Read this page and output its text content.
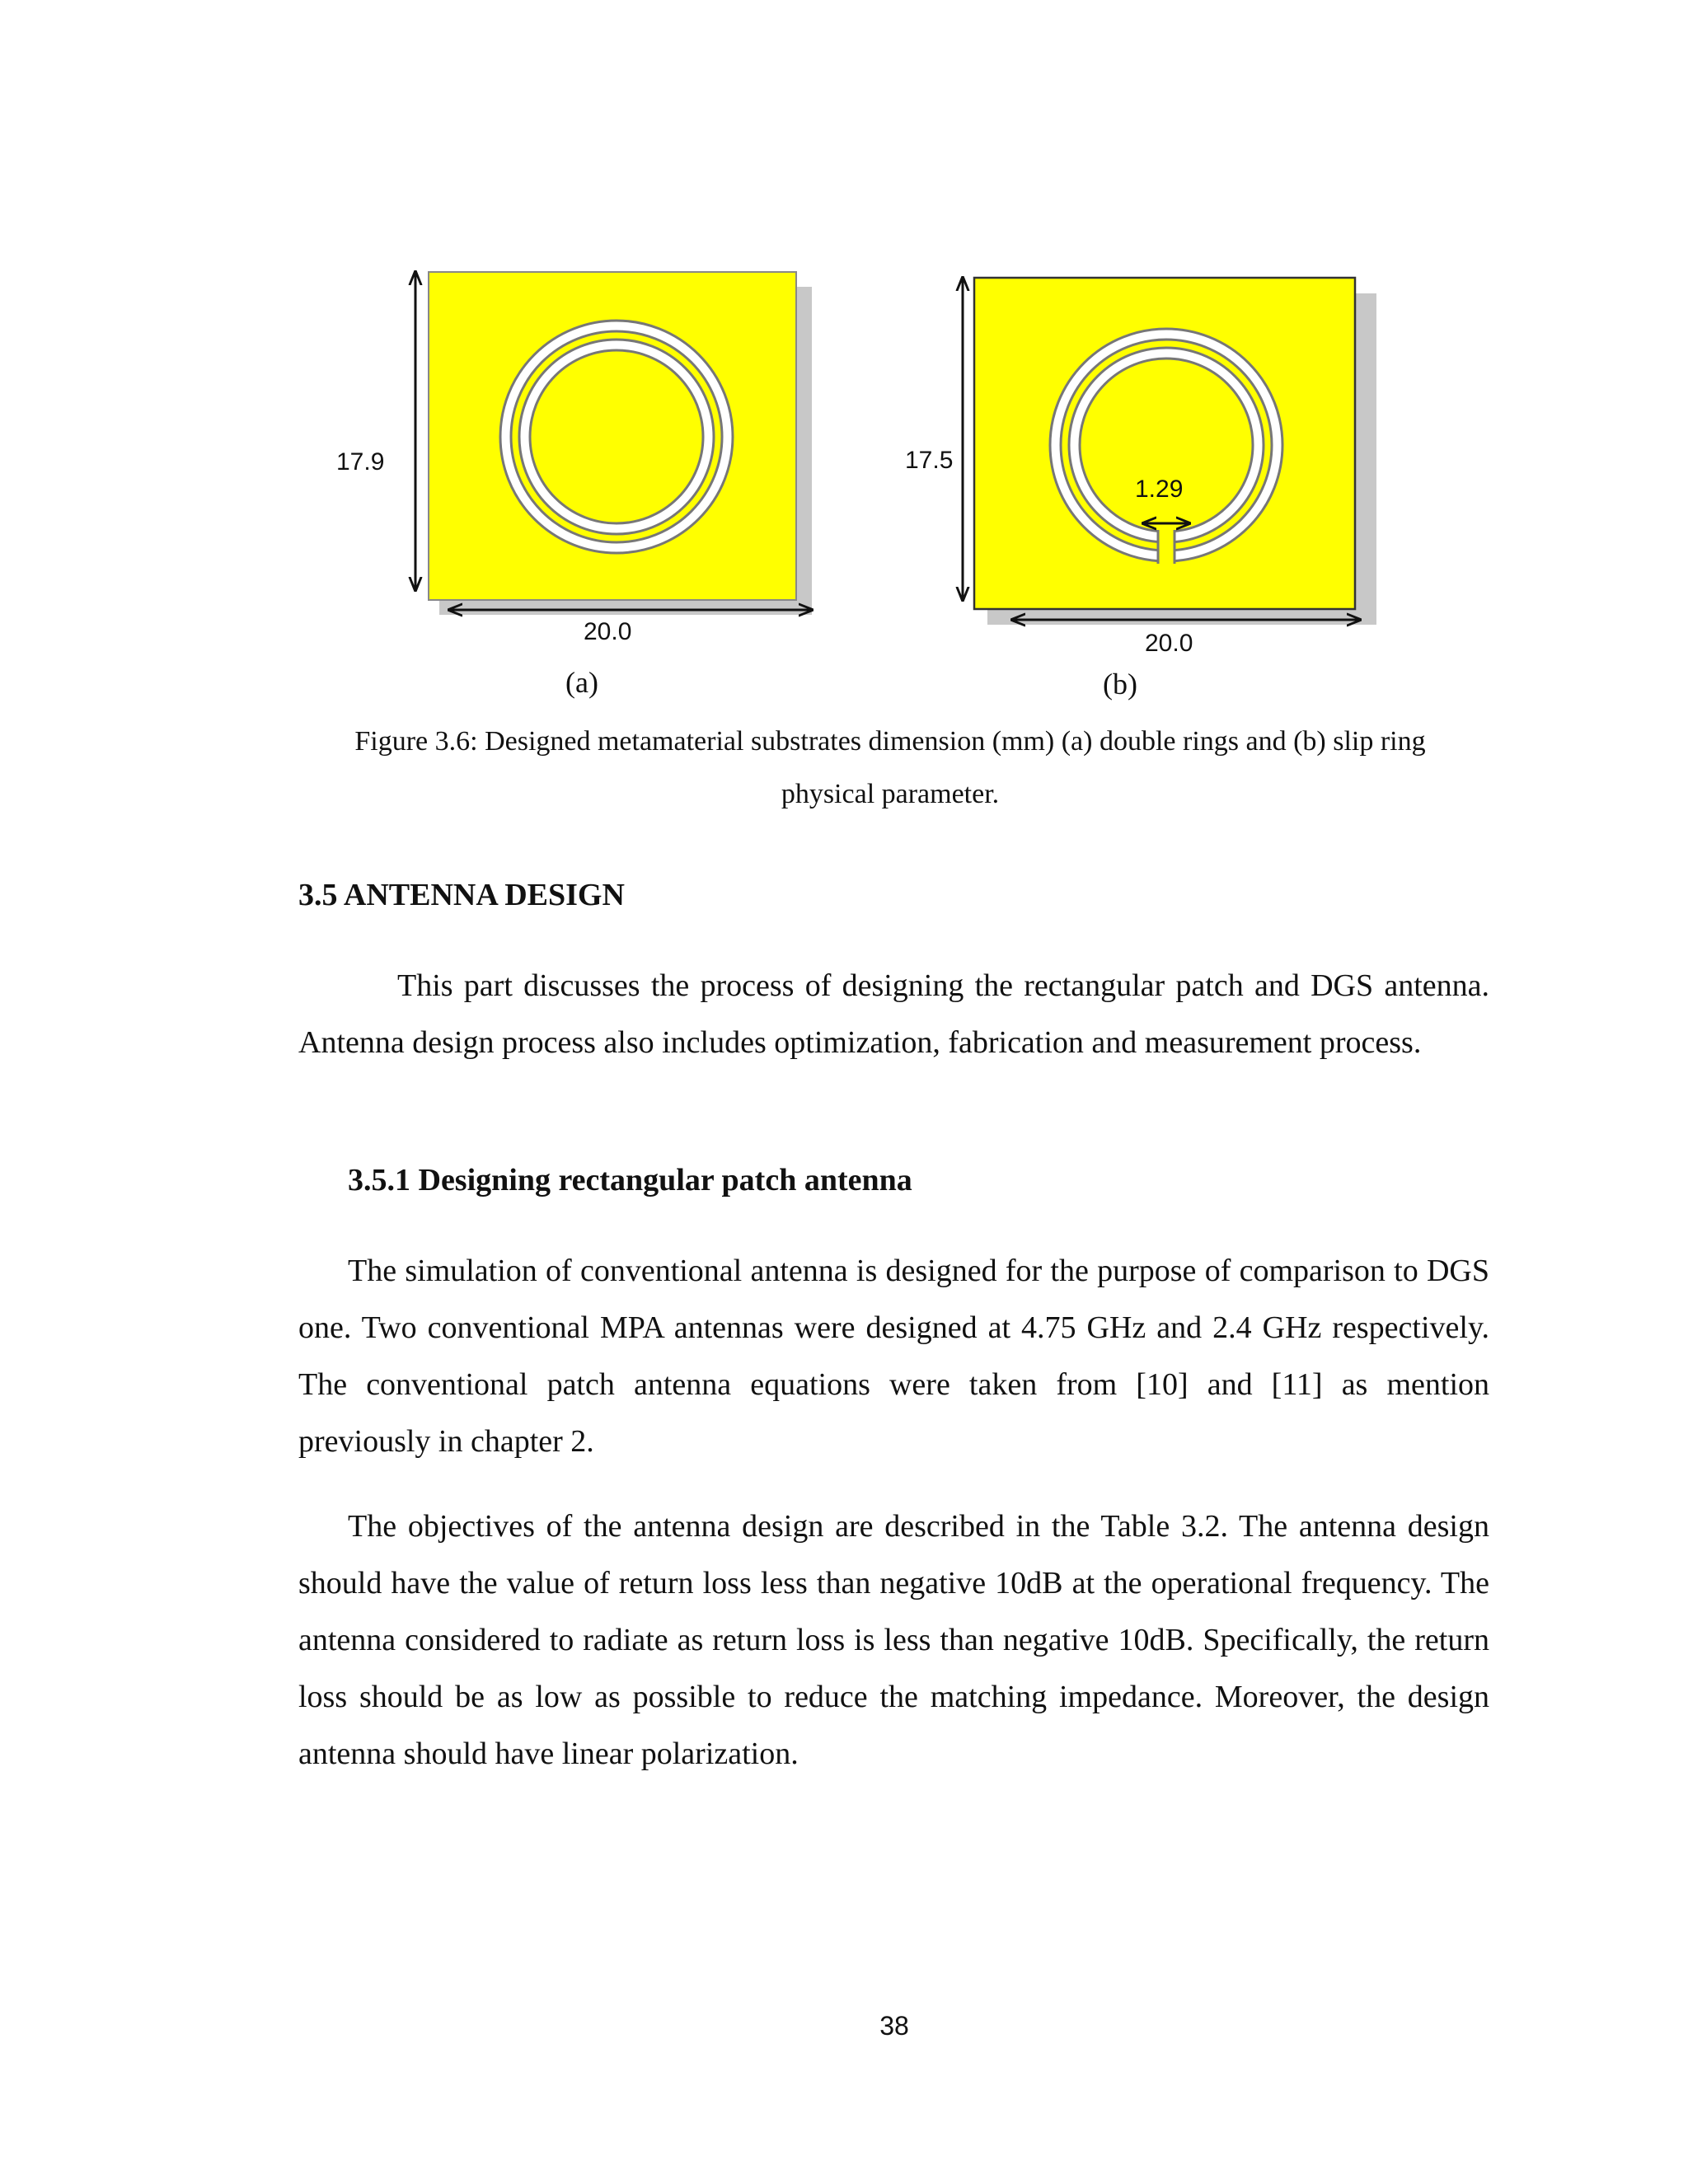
17.9
20.0
(a)
1.29
17.5
20.0
(b)
Figure 3.6: Designed metamaterial substrates dimension (mm) (a) double rings and (b) slip ring
physical parameter.
3.5 ANTENNA DESIGN
This part discusses the process of designing the rectangular patch and DGS antenna. Antenna design process also includes optimization, fabrication and measurement process.
3.5.1 Designing rectangular patch antenna
The simulation of conventional antenna is designed for the purpose of comparison to DGS one. Two conventional MPA antennas were designed at 4.75 GHz and 2.4 GHz respectively. The conventional patch antenna equations were taken from [10] and [11] as mention previously in chapter 2.
The objectives of the antenna design are described in the Table 3.2. The antenna design should have the value of return loss less than negative 10dB at the operational frequency. The antenna considered to radiate as return loss is less than negative 10dB. Specifically, the return loss should be as low as possible to reduce the matching impedance. Moreover, the design antenna should have linear polarization.
38
